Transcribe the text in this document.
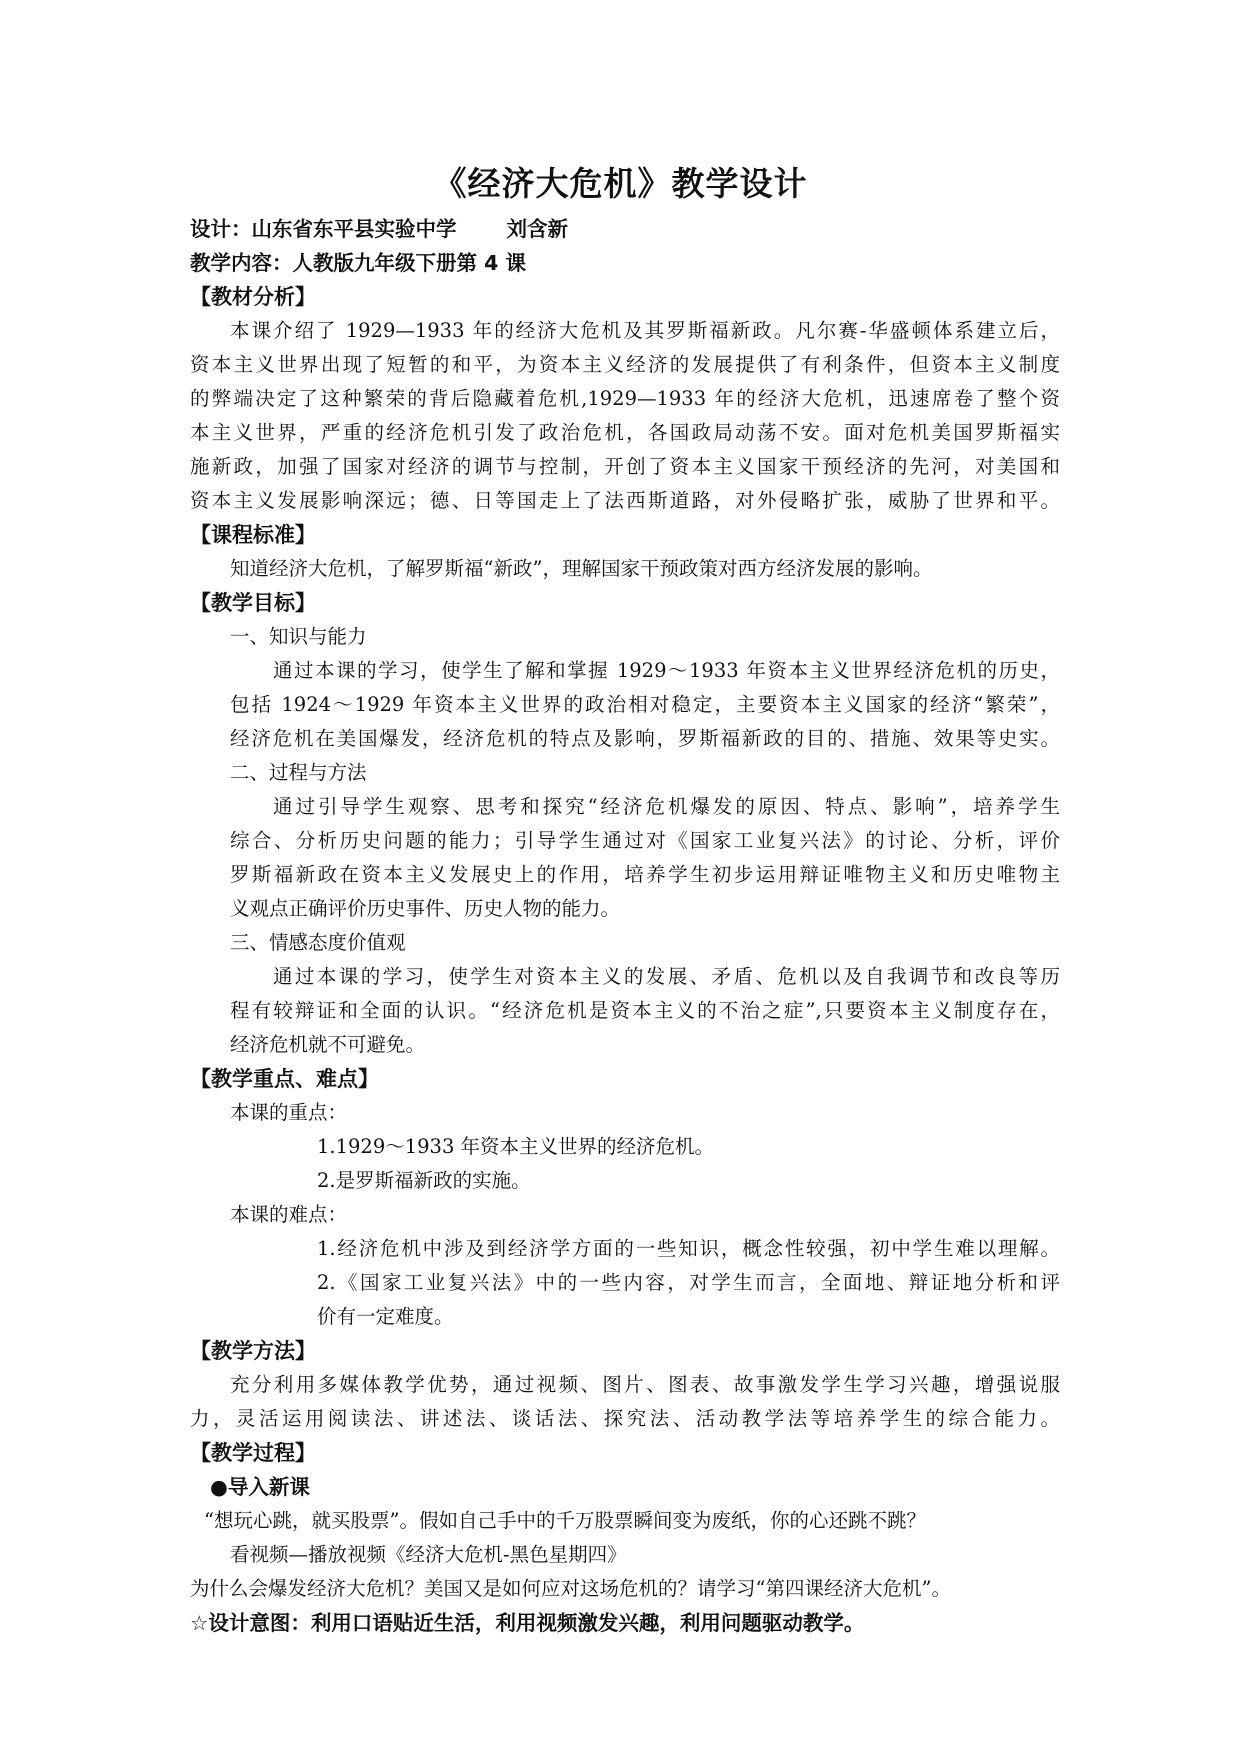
《经济大危机》教学设计
设计：山东省东平县实验中学 刘含新
教学内容：人教版九年级下册第 4 课
【教材分析】
本课介绍了 1929—1933 年的经济大危机及其罗斯福新政。凡尔赛-华盛顿体系建立后，
资本主义世界出现了短暂的和平，为资本主义经济的发展提供了有利条件，但资本主义制度
的弊端决定了这种繁荣的背后隐藏着危机,1929—1933 年的经济大危机，迅速席卷了整个资
本主义世界，严重的经济危机引发了政治危机，各国政局动荡不安。面对危机美国罗斯福实
施新政，加强了国家对经济的调节与控制，开创了资本主义国家干预经济的先河，对美国和
资本主义发展影响深远；德、日等国走上了法西斯道路，对外侵略扩张，威胁了世界和平。
【课程标准】
知道经济大危机，了解罗斯福“新政”，理解国家干预政策对西方经济发展的影响。
【教学目标】
一、知识与能力
通过本课的学习，使学生了解和掌握 1929～1933 年资本主义世界经济危机的历史，
包括 1924～1929 年资本主义世界的政治相对稳定，主要资本主义国家的经济“繁荣”，
经济危机在美国爆发，经济危机的特点及影响，罗斯福新政的目的、措施、效果等史实。
二、过程与方法
通过引导学生观察、思考和探究“经济危机爆发的原因、特点、影响”，培养学生
综合、分析历史问题的能力；引导学生通过对《国家工业复兴法》的讨论、分析，评价
罗斯福新政在资本主义发展史上的作用，培养学生初步运用辩证唯物主义和历史唯物主
义观点正确评价历史事件、历史人物的能力。
三、情感态度价值观
通过本课的学习，使学生对资本主义的发展、矛盾、危机以及自我调节和改良等历
程有较辩证和全面的认识。“经济危机是资本主义的不治之症”,只要资本主义制度存在，
经济危机就不可避免。
【教学重点、难点】
本课的重点：
1.1929～1933 年资本主义世界的经济危机。
2.是罗斯福新政的实施。
本课的难点：
1.经济危机中涉及到经济学方面的一些知识，概念性较强，初中学生难以理解。
2.《国家工业复兴法》中的一些内容，对学生而言，全面地、辩证地分析和评
价有一定难度。
【教学方法】
充分利用多媒体教学优势，通过视频、图片、图表、故事激发学生学习兴趣，增强说服
力，灵活运用阅读法、讲述法、谈话法、探究法、活动教学法等培养学生的综合能力。
【教学过程】
●导入新课
“想玩心跳，就买股票”。假如自己手中的千万股票瞬间变为废纸，你的心还跳不跳？
看视频—播放视频《经济大危机-黑色星期四》
为什么会爆发经济大危机？美国又是如何应对这场危机的？请学习“第四课经济大危机”。
☆设计意图：利用口语贴近生活，利用视频激发兴趣，利用问题驱动教学。
